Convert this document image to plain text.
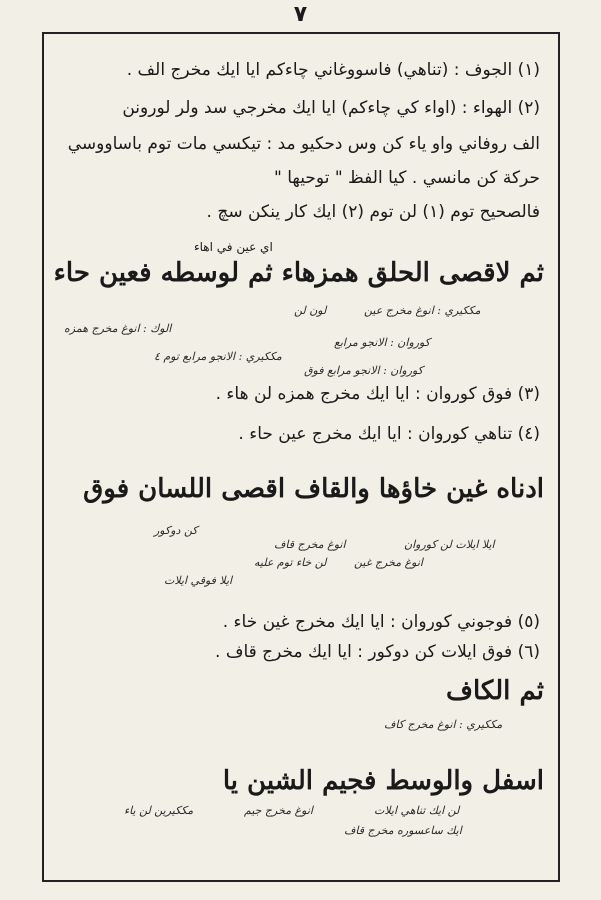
٧
(١) الجوف : (تناهي) فاسووغاني چاءكم ايا ايك مخرج الف .
(٢) الهواء : (اواء كي چاءكم) ايا ايك مخرجي سد ولر لورونن
الف روفاني واو ياء كن وس دحكيو مد : تيكسي مات توم باساووسي
حركة كن مانسي . كيا الفظ " توحيها "
فالصحيح توم (١) لن توم (٢) ايك كار ينكن سچ .
اي عين في اهاء
ثم لاقصى الحلق همزهاء ثم لوسطه فعين حاء
مككيري : انوغ مخرج عين
لون لن
الوك : انوغ مخرج همزه
كوروان : الانجو مرابع
مككيري : الانجو مرابع توم ٤
كوروان : الانجو مرابع فوق
(٣) فوق كوروان : ايا ايك مخرج همزه لن هاء .
(٤) تناهي كوروان : ايا ايك مخرج عين حاء .
ادناه غين خاؤها والقاف اقصى اللسان فوق
كن دوكور
ايلا ايلات لن كوروان
انوغ مخرج قاف
انوغ مخرج غين
لن خاء توم عليه
ايلا فوقي ايلات
(٥) فوجوني كوروان : ايا ايك مخرج غين خاء .
(٦) فوق ايلات كن دوكور : ايا ايك مخرج قاف .
ثم الكاف
مككيري : انوغ مخرج كاف
اسفل والوسط فجيم الشين يا
لن ايك تناهي ايلات
انوغ مخرج جيم
مككيرين لن ياء
ايك ساعسوره مخرج قاف
